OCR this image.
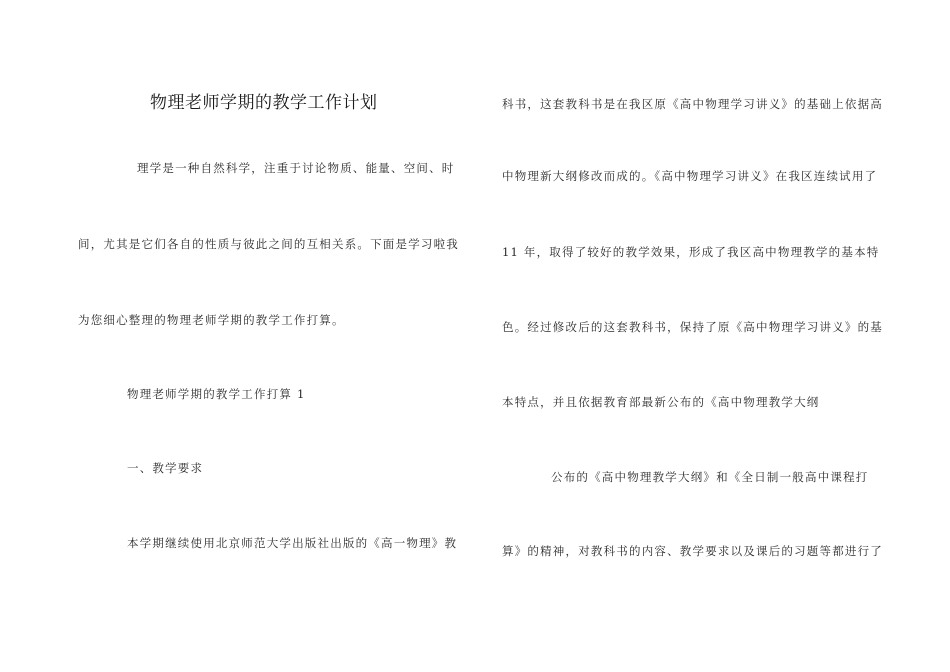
物理老师学期的教学工作计划
理学是一种自然科学，注重于讨论物质、能量、空间、时
间，尤其是它们各自的性质与彼此之间的互相关系。下面是学习啦我
为您细心整理的物理老师学期的教学工作打算。
物理老师学期的教学工作打算 1
一、教学要求
本学期继续使用北京师范大学出版社出版的《高一物理》教
科书，这套教科书是在我区原《高中物理学习讲义》的基础上依据高
中物理新大纲修改而成的。《高中物理学习讲义》在我区连续试用了
11 年，取得了较好的教学效果，形成了我区高中物理教学的基本特
色。经过修改后的这套教科书，保持了原《高中物理学习讲义》的基
本特点，并且依据教育部最新公布的《高中物理教学大纲
公布的《高中物理教学大纲》和《全日制一般高中课程打
算》的精神，对教科书的内容、教学要求以及课后的习题等都进行了
